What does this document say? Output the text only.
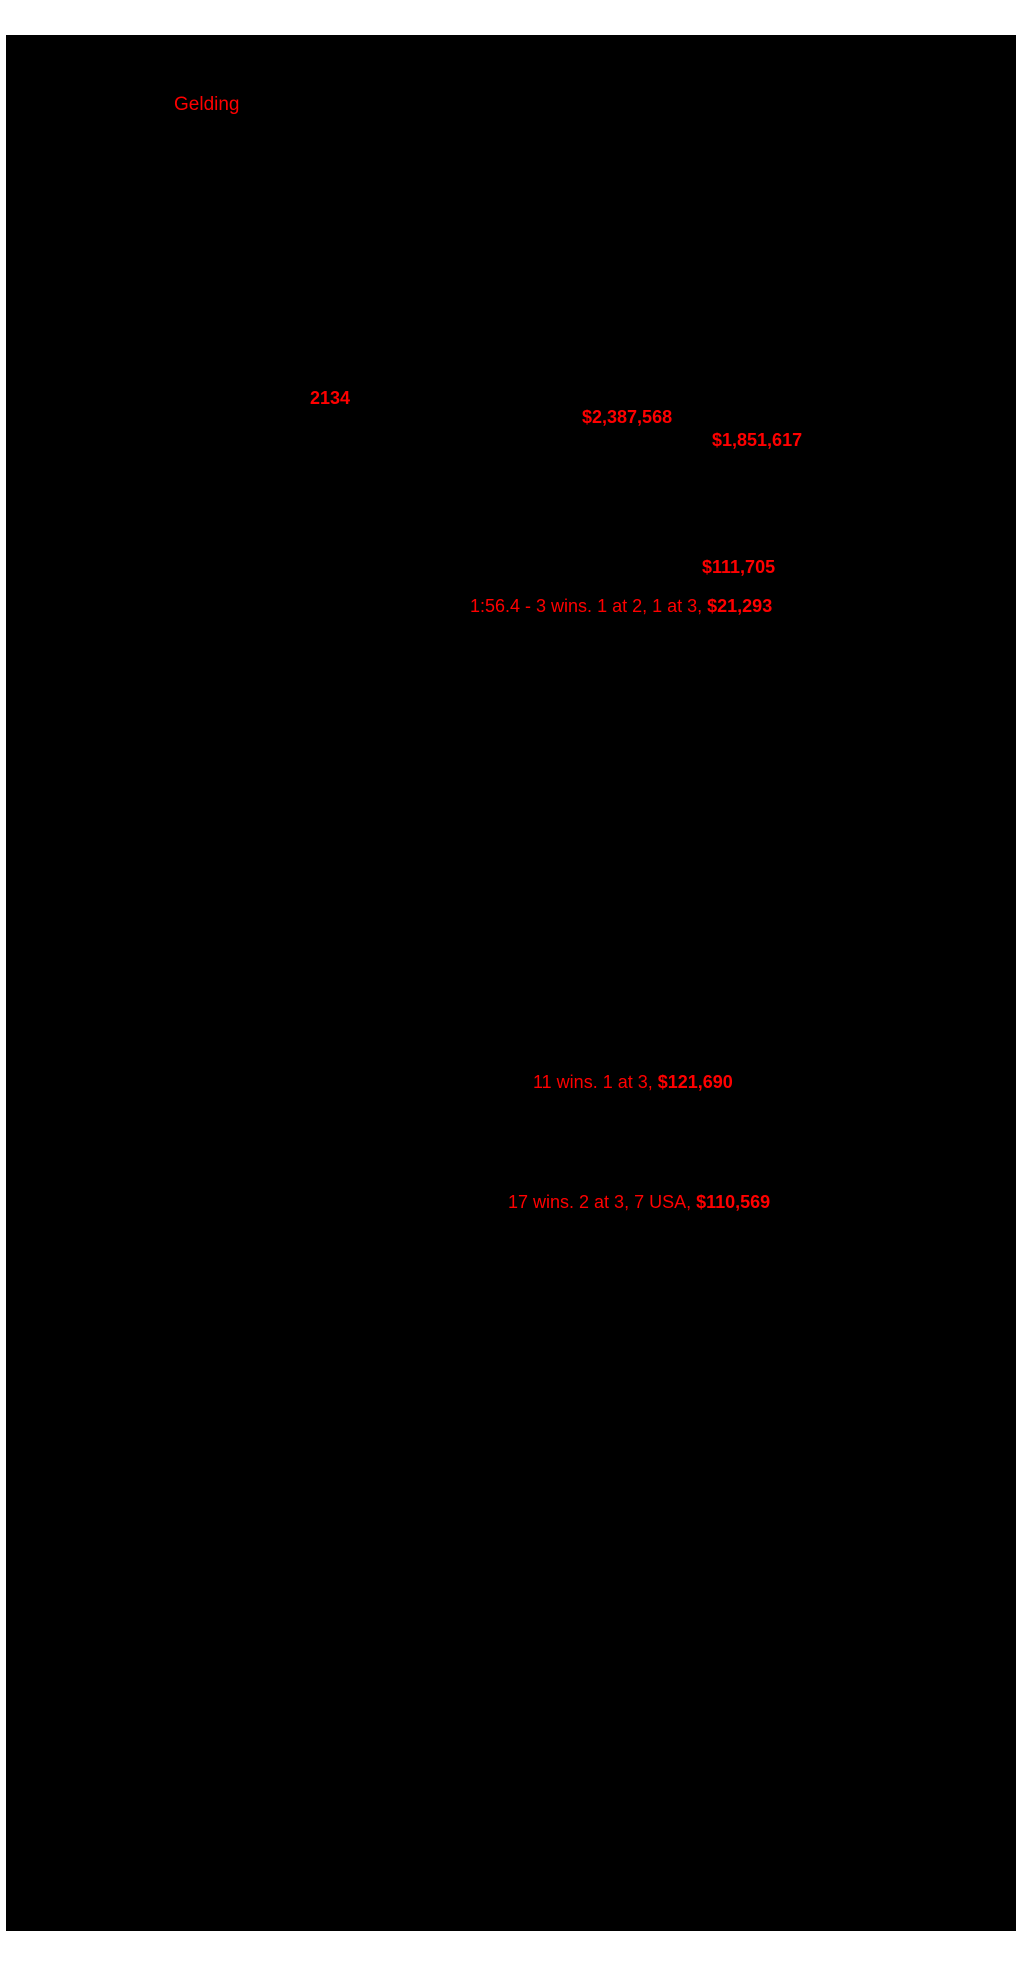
Gelding
2134
$2,387,568
$1,851,617
$111,705
1:56.4 - 3 wins. 1 at 2, 1 at 3, $21,293
11 wins. 1 at 3, $121,690
17 wins. 2 at 3, 7 USA, $110,569
